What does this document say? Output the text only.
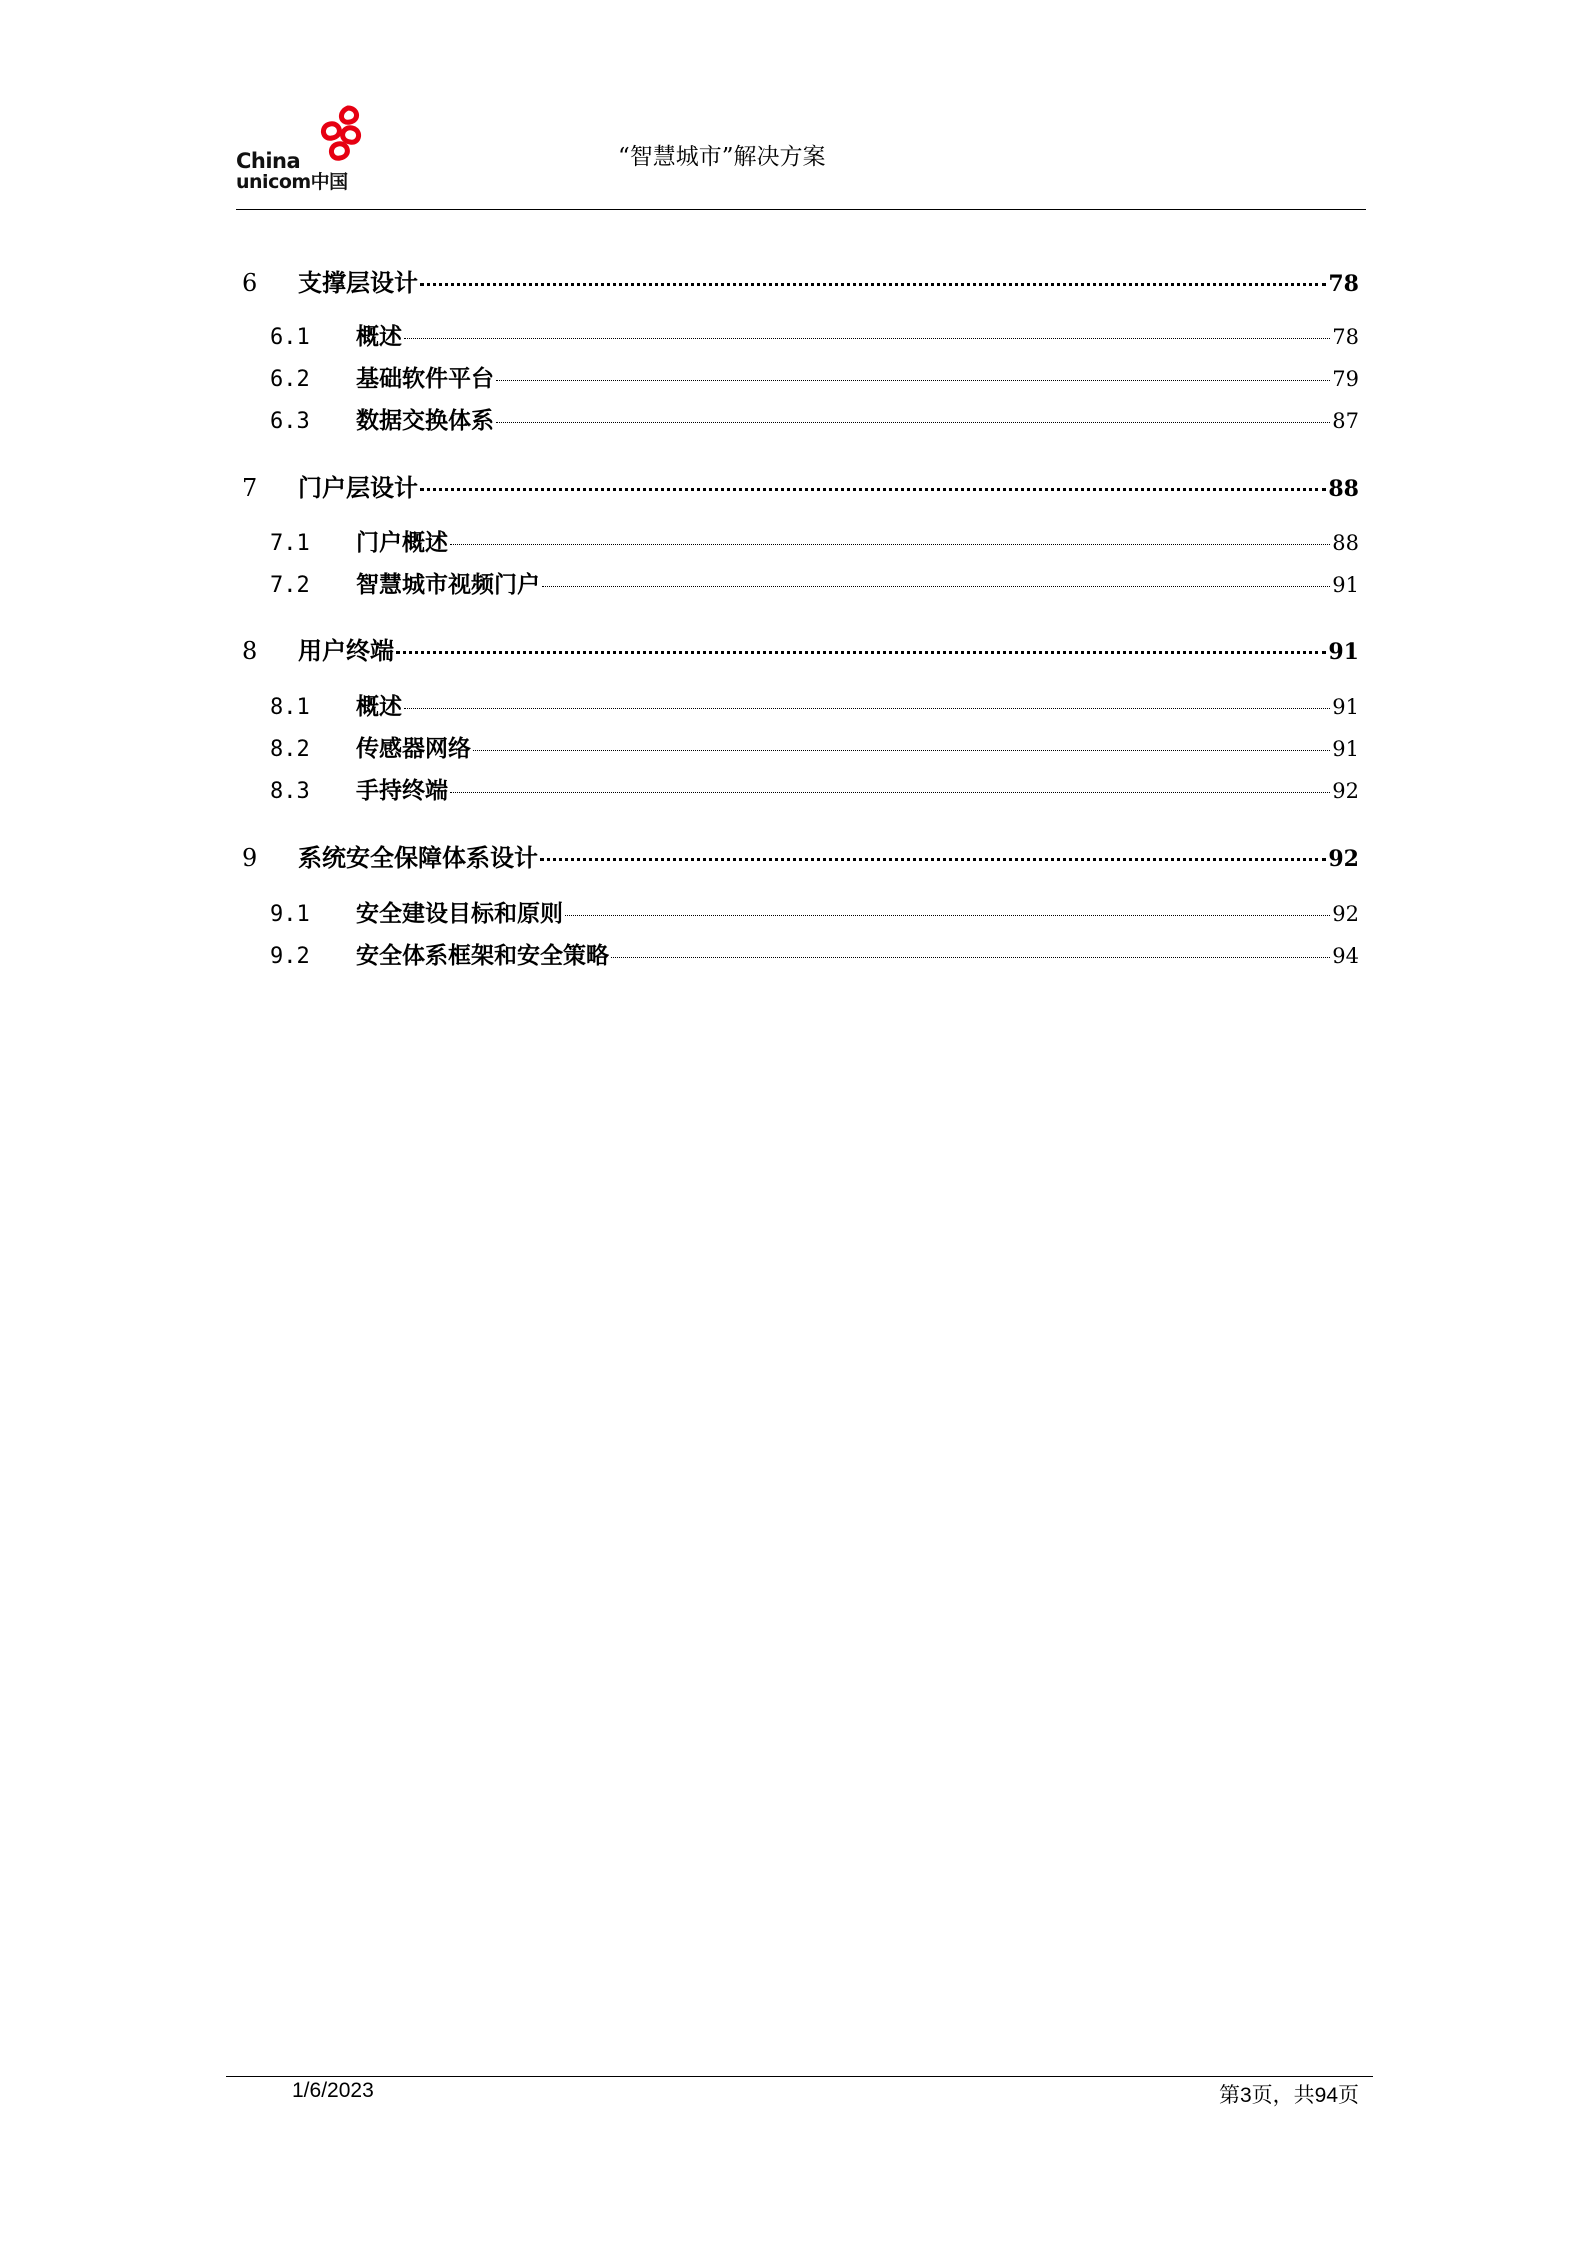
China
unicom中国
“智慧城市”解决方案
6	支撑层设计	78
6.1	概述	78
6.2	基础软件平台	79
6.3	数据交换体系	87
7	门户层设计	88
7.1	门户概述	88
7.2	智慧城市视频门户	91
8	用户终端	91
8.1	概述	91
8.2	传感器网络	91
8.3	手持终端	92
9	系统安全保障体系设计	92
9.1	安全建设目标和原则	92
9.2	安全体系框架和安全策略	94
1/6/2023	第3页，共94页
